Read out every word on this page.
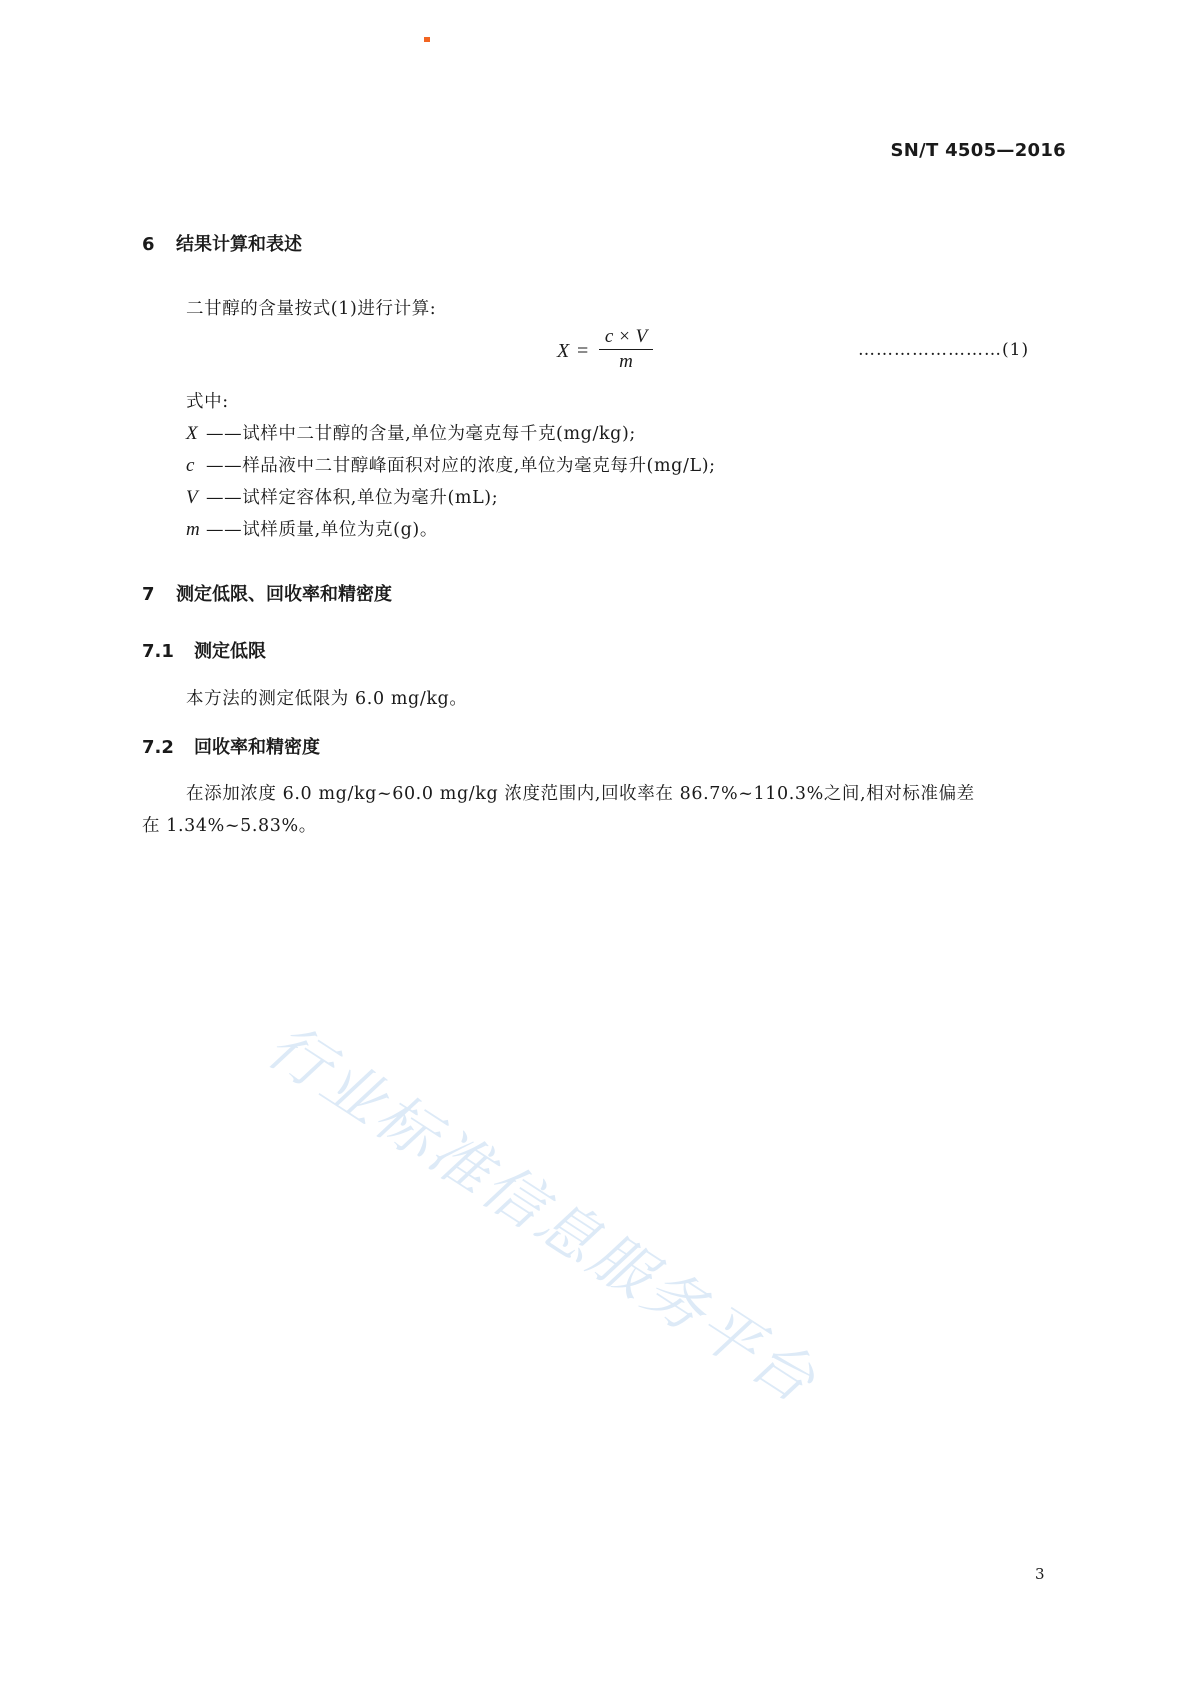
SN/T 4505—2016
6 结果计算和表述
二甘醇的含量按式(1)进行计算:
X =
c × V
m
……………………(1)
式中:
X ——试样中二甘醇的含量,单位为毫克每千克(mg/kg);
c ——样品液中二甘醇峰面积对应的浓度,单位为毫克每升(mg/L);
V ——试样定容体积,单位为毫升(mL);
m ——试样质量,单位为克(g)。
7 测定低限、回收率和精密度
7.1 测定低限
本方法的测定低限为 6.0 mg/kg。
7.2 回收率和精密度
在添加浓度 6.0 mg/kg~60.0 mg/kg 浓度范围内,回收率在 86.7%~110.3%之间,相对标准偏差
在 1.34%~5.83%。
行业标准信息服务平台
3
